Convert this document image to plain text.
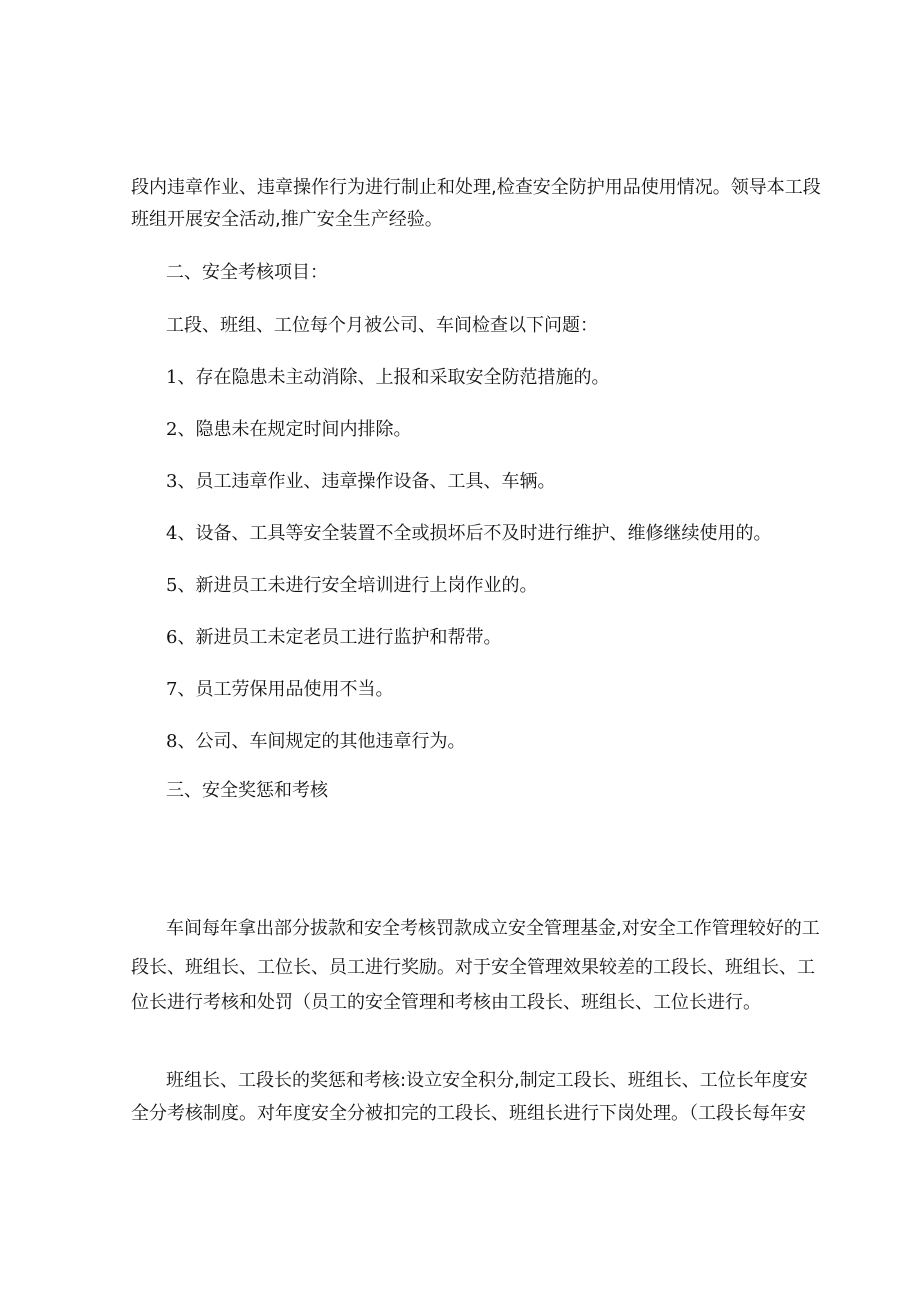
段内违章作业、违章操作行为进行制止和处理,检查安全防护用品使用情况。领导本工段
班组开展安全活动,推广安全生产经验。
二、安全考核项目：
工段、班组、工位每个月被公司、车间检查以下问题：
1、存在隐患未主动消除、上报和采取安全防范措施的。
2、隐患未在规定时间内排除。
3、员工违章作业、违章操作设备、工具、车辆。
4、设备、工具等安全装置不全或损坏后不及时进行维护、维修继续使用的。
5、新进员工未进行安全培训进行上岗作业的。
6、新进员工未定老员工进行监护和帮带。
7、员工劳保用品使用不当。
8、公司、车间规定的其他违章行为。
三、安全奖惩和考核
车间每年拿出部分拔款和安全考核罚款成立安全管理基金,对安全工作管理较好的工
段长、班组长、工位长、员工进行奖励。对于安全管理效果较差的工段长、班组长、工
位长进行考核和处罚（员工的安全管理和考核由工段长、班组长、工位长进行。
班组长、工段长的奖惩和考核:设立安全积分,制定工段长、班组长、工位长年度安
全分考核制度。对年度安全分被扣完的工段长、班组长进行下岗处理。（工段长每年安
